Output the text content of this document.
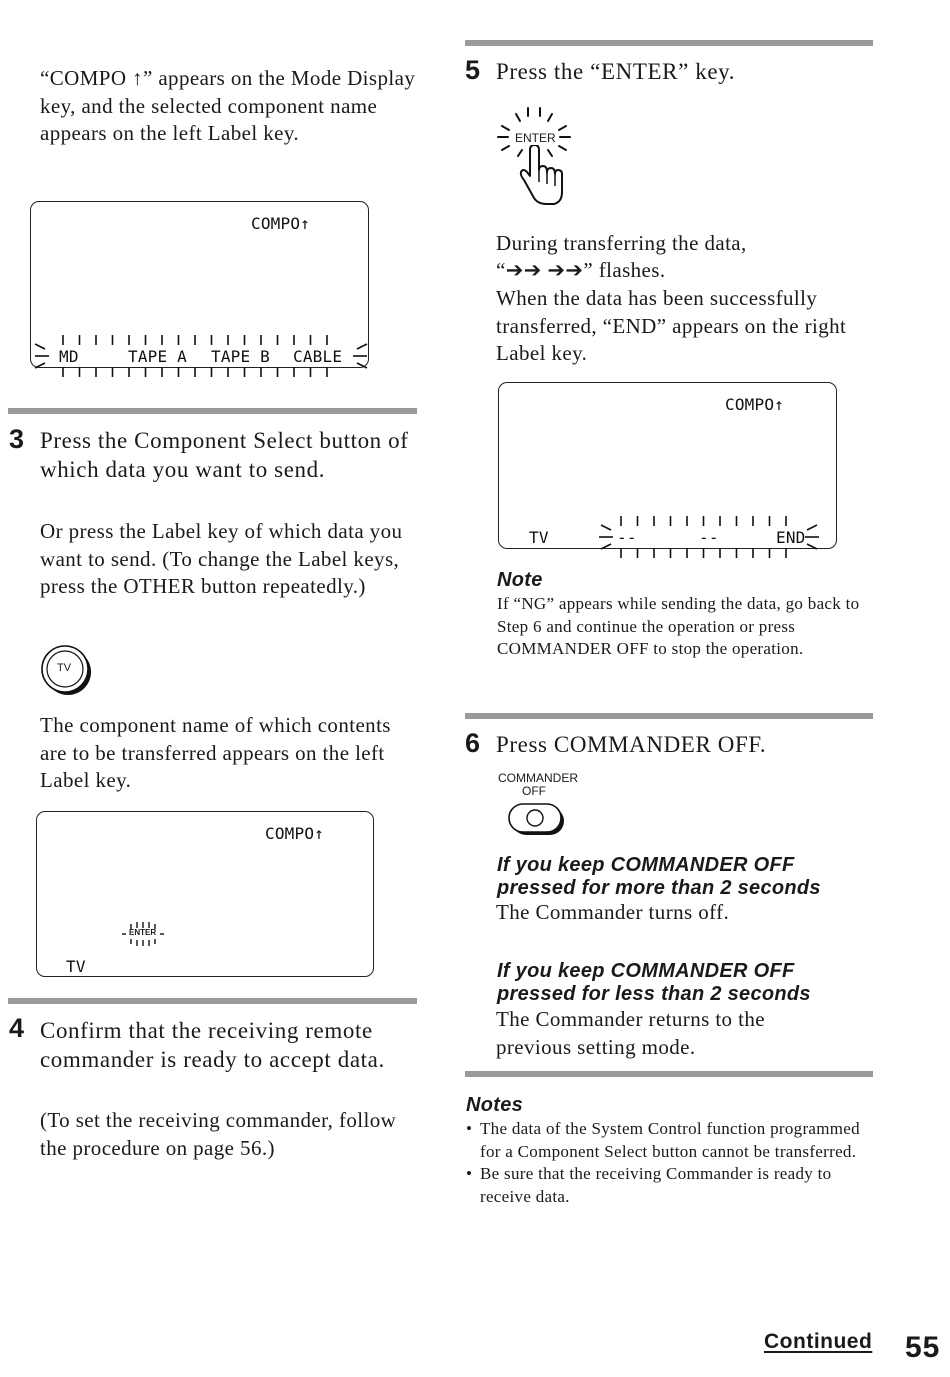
“COMPO ↑” appears on the Mode Display key, and the selected component name appears on the left Label key.

COMPO↑
MD	TAPE A TAPE B CABLE
3 Press the Component Select button of which data you want to send.

Or press the Label key of which data you want to send. (To change the Label keys, press the OTHER button repeatedly.)

TV

The component name of which contents are to be transferred appears on the left Label key.

COMPO↑
ENTER
TV
4 Confirm that the receiving remote commander is ready to accept data.

(To set the receiving commander, follow the procedure on page 56.)

5 Press the “ENTER” key.

ENTER

During transferring the data,

“➔➔ ➔➔” flashes.

When the data has been successfully transferred, “END” appears on the right Label key.

COMPO↑
TV	--	--	END
Note

If “NG” appears while sending the data, go back to Step 6 and continue the operation or press COMMANDER OFF to stop the operation.

6 Press COMMANDER OFF.

COMMANDER
OFF
If you keep COMMANDER OFF pressed for more than 2 seconds

The Commander turns off.

If you keep COMMANDER OFF pressed for less than 2 seconds

The Commander returns to the previous setting mode.

Notes
• The data of the System Control function programmed for a Component Select button cannot be transferred.
• Be sure that the receiving Commander is ready to receive data.
Continued 55
